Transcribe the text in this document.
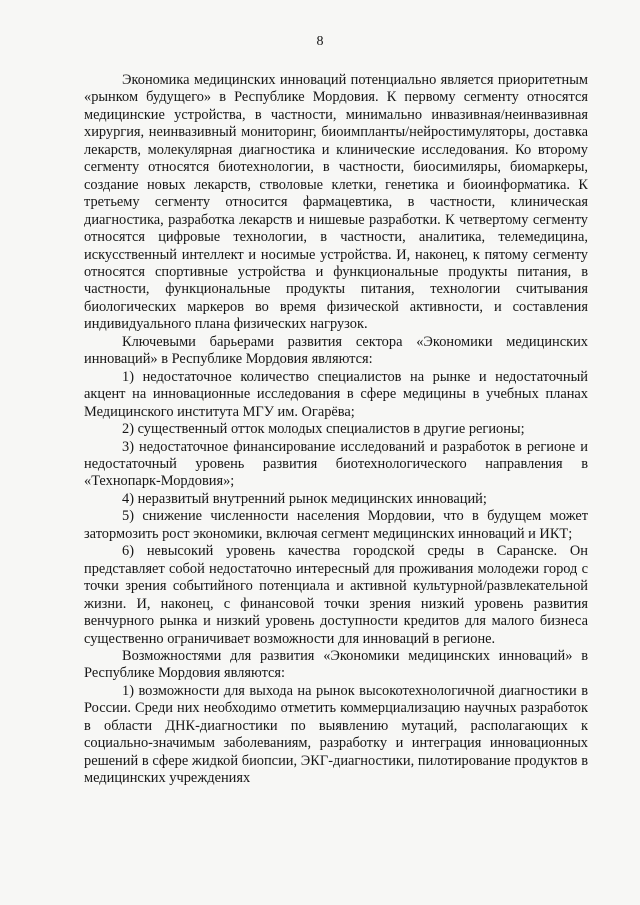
8

Экономика медицинских инноваций потенциально является приоритетным «рынком будущего» в Республике Мордовия. К первому сегменту относятся медицинские устройства, в частности, минимально инвазивная/неинвазивная хирургия, неинвазивный мониторинг, биоимпланты/нейростимуляторы, доставка лекарств, молекулярная диагностика и клинические исследования. Ко второму сегменту относятся биотехнологии, в частности, биосимиляры, биомаркеры, создание новых лекарств, стволовые клетки, генетика и биоинформатика. К третьему сегменту относится фармацевтика, в частности, клиническая диагностика, разработка лекарств и нишевые разработки. К четвертому сегменту относятся цифровые технологии, в частности, аналитика, телемедицина, искусственный интеллект и носимые устройства. И, наконец, к пятому сегменту относятся спортивные устройства и функциональные продукты питания, в частности, функциональные продукты питания, технологии считывания биологических маркеров во время физической активности, и составления индивидуального плана физических нагрузок.

Ключевыми барьерами развития сектора «Экономики медицинских инноваций» в Республике Мордовия являются:

1) недостаточное количество специалистов на рынке и недостаточный акцент на инновационные исследования в сфере медицины в учебных планах Медицинского института МГУ им. Огарёва;

2) существенный отток молодых специалистов в другие регионы;

3) недостаточное финансирование исследований и разработок в регионе и недостаточный уровень развития биотехнологического направления в «Технопарк-Мордовия»;

4) неразвитый внутренний рынок медицинских инноваций;

5) снижение численности населения Мордовии, что в будущем может затормозить рост экономики, включая сегмент медицинских инноваций и ИКТ;

6) невысокий уровень качества городской среды в Саранске. Он представляет собой недостаточно интересный для проживания молодежи город с точки зрения событийного потенциала и активной культурной/развлекательной жизни. И, наконец, с финансовой точки зрения низкий уровень развития венчурного рынка и низкий уровень доступности кредитов для малого бизнеса существенно ограничивает возможности для инноваций в регионе.

Возможностями для развития «Экономики медицинских инноваций» в Республике Мордовия являются:

1) возможности для выхода на рынок высокотехнологичной диагностики в России. Среди них необходимо отметить коммерциализацию научных разработок в области ДНК-диагностики по выявлению мутаций, располагающих к социально-значимым заболеваниям, разработку и интеграция инновационных решений в сфере жидкой биопсии, ЭКГ-диагностики, пилотирование продуктов в медицинских учреждениях
